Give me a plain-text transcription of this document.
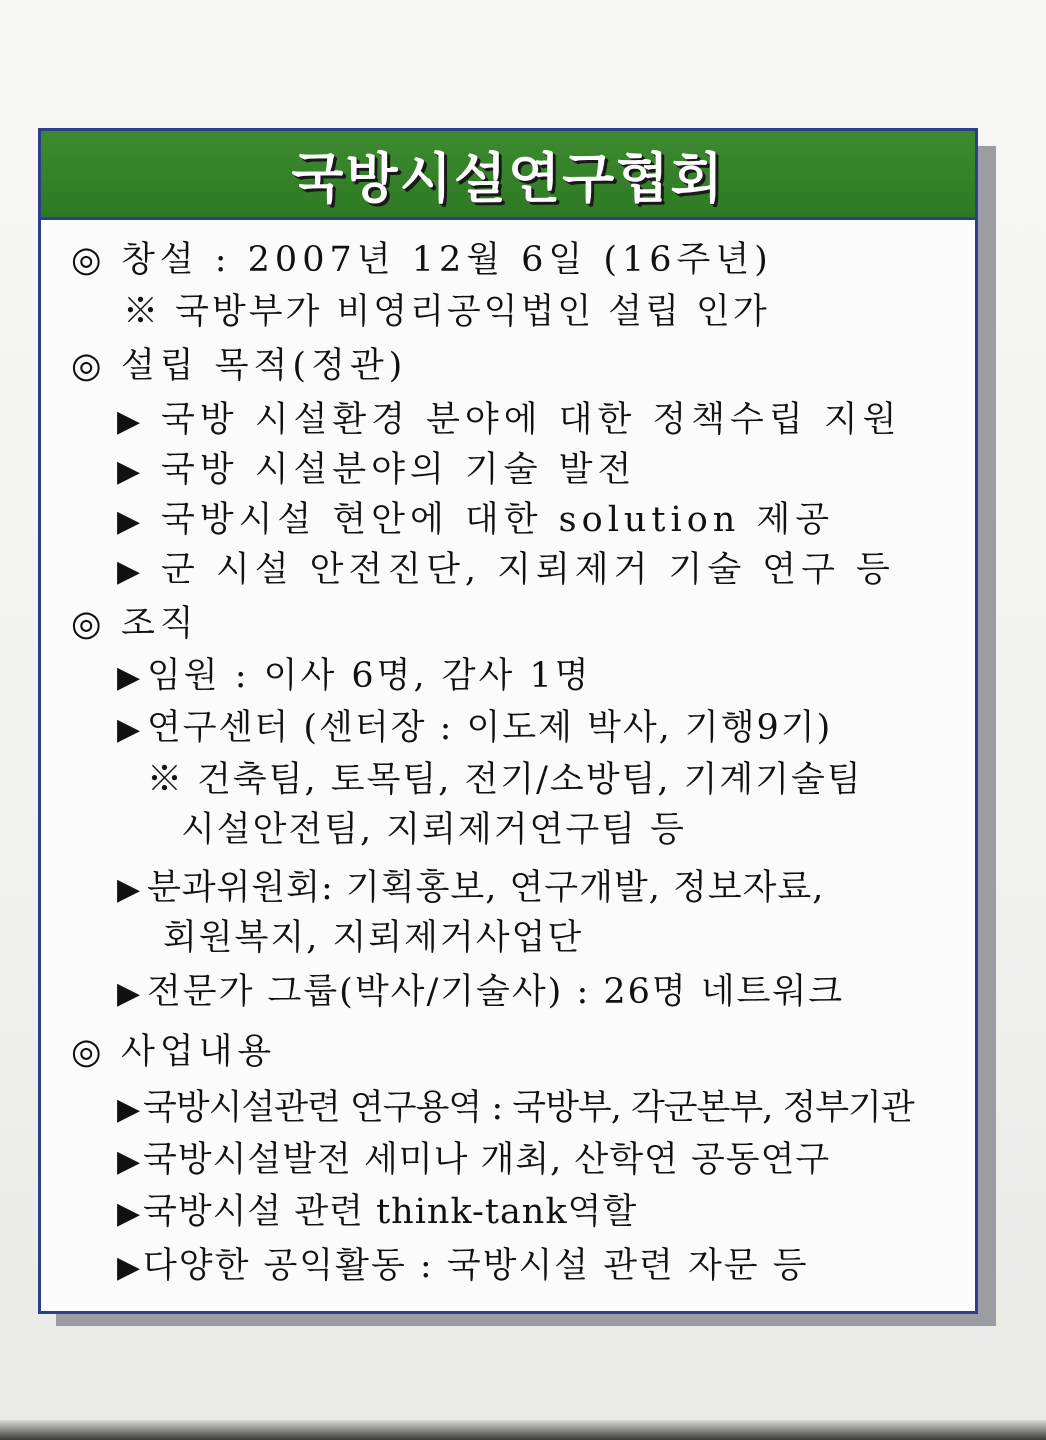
국방시설연구협회
◎ 창설 : 2007년 12월 6일 (16주년)
※ 국방부가 비영리공익법인 설립 인가
◎ 설립 목적(정관)
▶ 국방 시설환경 분야에 대한 정책수립 지원
▶ 국방 시설분야의 기술 발전
▶ 국방시설 현안에 대한 solution 제공
▶ 군 시설 안전진단, 지뢰제거 기술 연구 등
◎ 조직
▶ 임원 : 이사 6명, 감사 1명
▶ 연구센터 (센터장 : 이도제 박사, 기행9기)
※ 건축팀, 토목팀, 전기/소방팀, 기계기술팀
시설안전팀, 지뢰제거연구팀 등
▶ 분과위원회: 기획홍보, 연구개발, 정보자료,
회원복지, 지뢰제거사업단
▶ 전문가 그룹(박사/기술사) : 26명 네트워크
◎ 사업내용
▶ 국방시설관련 연구용역 : 국방부, 각군본부, 정부기관
▶국방시설발전 세미나 개최, 산학연 공동연구
▶국방시설 관련 think-tank역할
▶다양한 공익활동 : 국방시설 관련 자문 등
